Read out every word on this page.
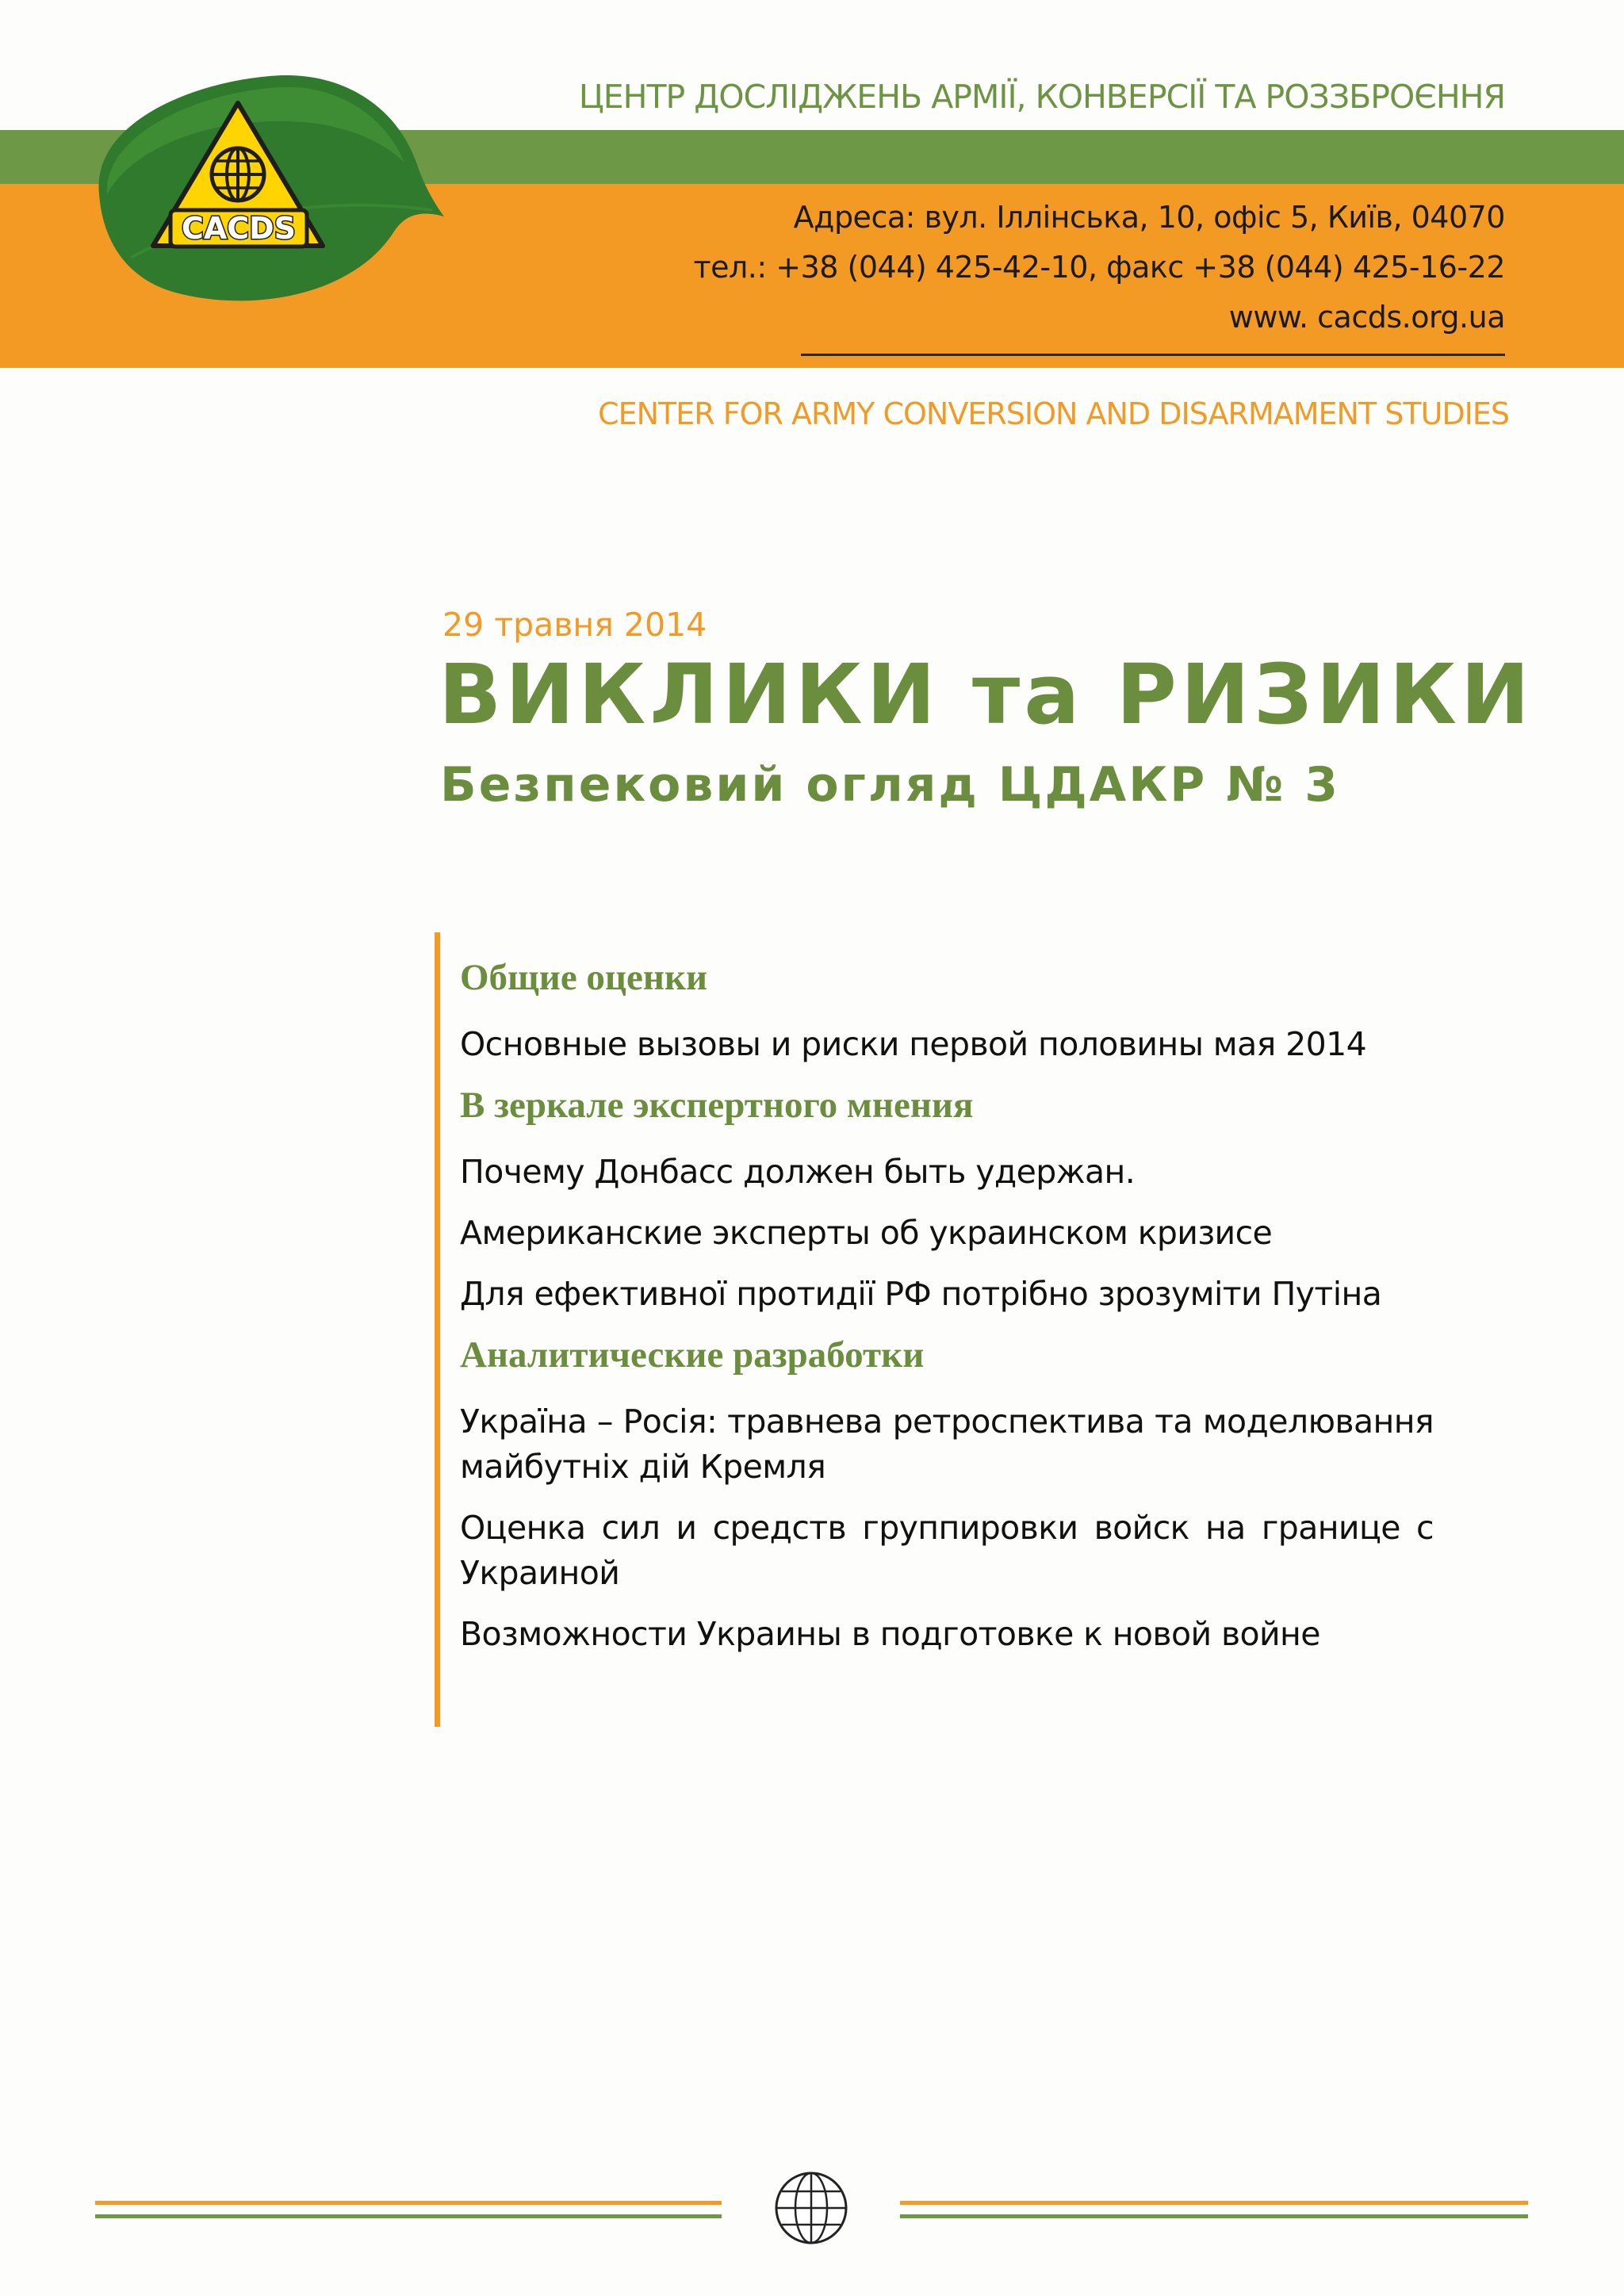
ЦЕНТР ДОСЛІДЖЕНЬ АРМІЇ, КОНВЕРСІЇ ТА РОЗЗБРОЄННЯ
Адреса: вул. Іллінська, 10, офіс 5, Київ, 04070
тел.: +38 (044) 425-42-10, факс +38 (044) 425-16-22
www. cacds.org.ua
CENTER FOR ARMY CONVERSION AND DISARMAMENT STUDIES
CACDS
29 травня 2014
ВИКЛИКИ та РИЗИКИ
Безпековий огляд ЦДАКР № 3
Общие оценки
Основные вызовы и риски первой половины мая 2014
В зеркале экспертного мнения
Почему Донбасс должен быть удержан.
Американские эксперты об украинском кризисе
Для ефективної протидії РФ потрібно зрозуміти Путіна
Аналитические разработки
Україна – Росія: травнева ретроспектива та моделювання майбутніх дій Кремля
Оценка сил и средств группировки войск на границе с Украиной
Возможности Украины в подготовке к новой войне
